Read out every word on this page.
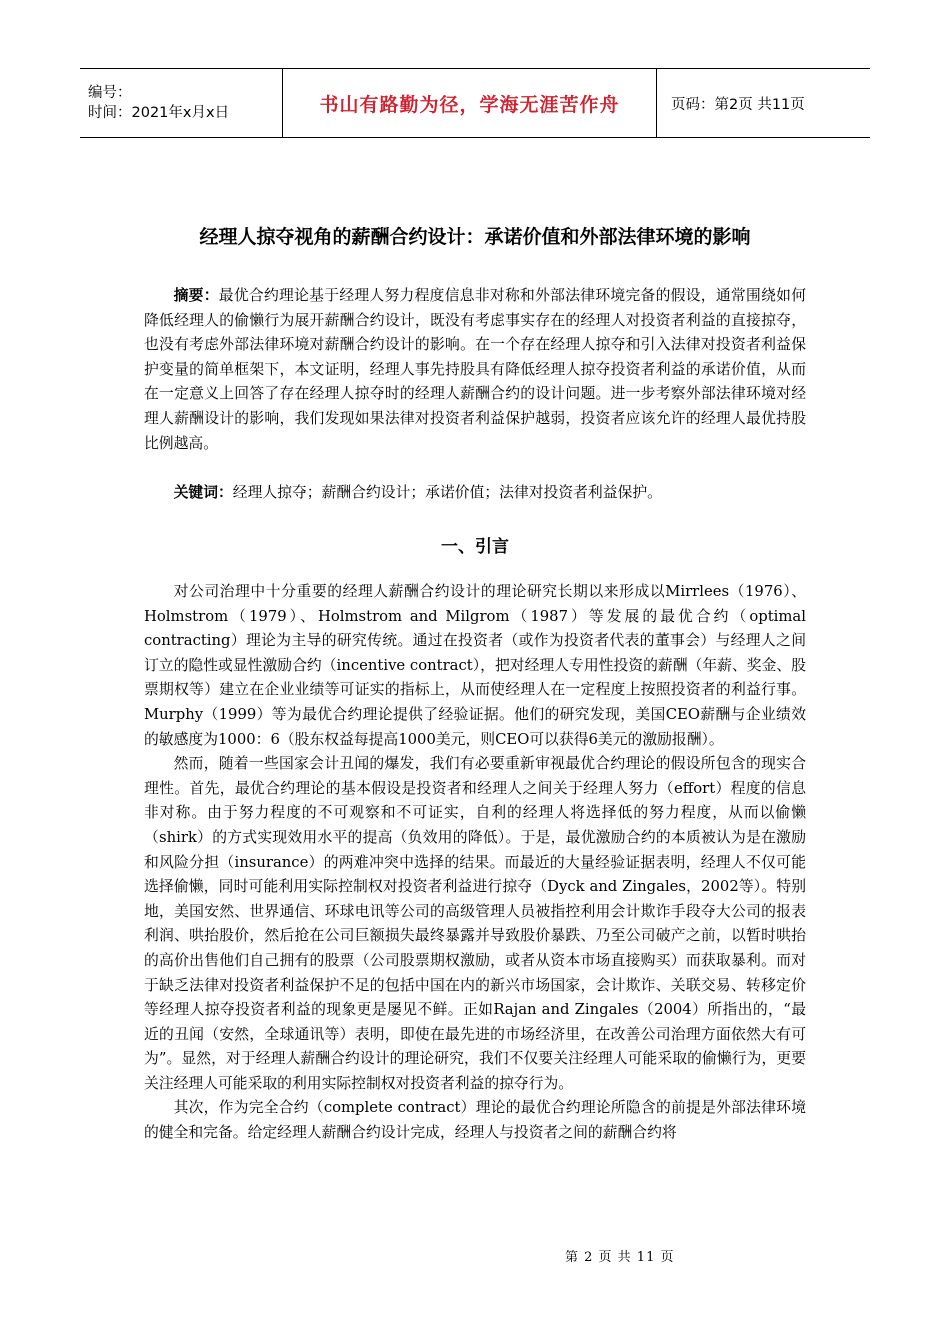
编号：
时间：2021年x月x日	书山有路勤为径，学海无涯苦作舟	页码：第2页 共11页
经理人掠夺视角的薪酬合约设计：承诺价值和外部法律环境的影响

摘要：最优合约理论基于经理人努力程度信息非对称和外部法律环境完备的假设，通常围绕如何降低经理人的偷懒行为展开薪酬合约设计，既没有考虑事实存在的经理人对投资者利益的直接掠夺，也没有考虑外部法律环境对薪酬合约设计的影响。在一个存在经理人掠夺和引入法律对投资者利益保护变量的简单框架下，本文证明，经理人事先持股具有降低经理人掠夺投资者利益的承诺价值，从而在一定意义上回答了存在经理人掠夺时的经理人薪酬合约的设计问题。进一步考察外部法律环境对经理人薪酬设计的影响，我们发现如果法律对投资者利益保护越弱，投资者应该允许的经理人最优持股比例越高。

关键词：经理人掠夺；薪酬合约设计；承诺价值；法律对投资者利益保护。

一、引言

对公司治理中十分重要的经理人薪酬合约设计的理论研究长期以来形成以Mirrlees（1976）、Holmstrom（1979）、Holmstrom and Milgrom（1987）等发展的最优合约（optimal contracting）理论为主导的研究传统。通过在投资者（或作为投资者代表的董事会）与经理人之间订立的隐性或显性激励合约（incentive contract），把对经理人专用性投资的薪酬（年薪、奖金、股票期权等）建立在企业业绩等可证实的指标上，从而使经理人在一定程度上按照投资者的利益行事。Murphy（1999）等为最优合约理论提供了经验证据。他们的研究发现，美国CEO薪酬与企业绩效的敏感度为1000：6（股东权益每提高1000美元，则CEO可以获得6美元的激励报酬）。

然而，随着一些国家会计丑闻的爆发，我们有必要重新审视最优合约理论的假设所包含的现实合理性。首先，最优合约理论的基本假设是投资者和经理人之间关于经理人努力（effort）程度的信息非对称。由于努力程度的不可观察和不可证实，自利的经理人将选择低的努力程度，从而以偷懒（shirk）的方式实现效用水平的提高（负效用的降低）。于是，最优激励合约的本质被认为是在激励和风险分担（insurance）的两难冲突中选择的结果。而最近的大量经验证据表明，经理人不仅可能选择偷懒，同时可能利用实际控制权对投资者利益进行掠夺（Dyck and Zingales，2002等）。特别地，美国安然、世界通信、环球电讯等公司的高级管理人员被指控利用会计欺诈手段夺大公司的报表利润、哄抬股价，然后抢在公司巨额损失最终暴露并导致股价暴跌、乃至公司破产之前，以暂时哄抬的高价出售他们自己拥有的股票（公司股票期权激励，或者从资本市场直接购买）而获取暴利。而对于缺乏法律对投资者利益保护不足的包括中国在内的新兴市场国家，会计欺诈、关联交易、转移定价等经理人掠夺投资者利益的现象更是屡见不鲜。正如Rajan and Zingales（2004）所指出的，“最近的丑闻（安然，全球通讯等）表明，即使在最先进的市场经济里，在改善公司治理方面依然大有可为”。显然，对于经理人薪酬合约设计的理论研究，我们不仅要关注经理人可能采取的偷懒行为，更要关注经理人可能采取的利用实际控制权对投资者利益的掠夺行为。

其次，作为完全合约（complete contract）理论的最优合约理论所隐含的前提是外部法律环境的健全和完备。给定经理人薪酬合约设计完成，经理人与投资者之间的薪酬合约将

第 2 页 共 11 页
